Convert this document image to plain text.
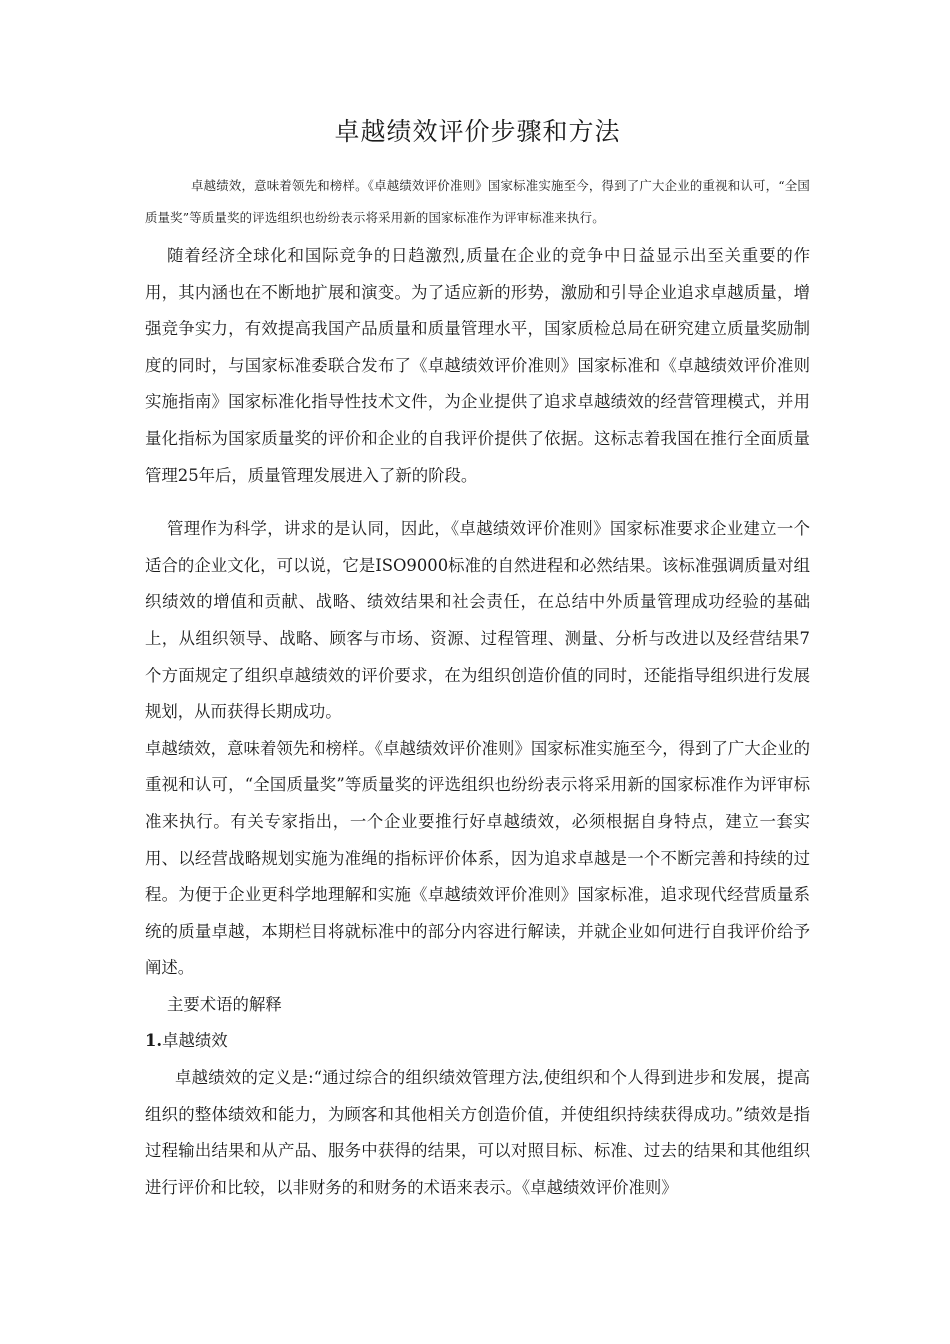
卓越绩效评价步骤和方法

卓越绩效，意味着领先和榜样。《卓越绩效评价准则》国家标准实施至今，得到了广大企业的重视和认可，“全国质量奖”等质量奖的评选组织也纷纷表示将采用新的国家标准作为评审标准来执行。

随着经济全球化和国际竞争的日趋激烈,质量在企业的竞争中日益显示出至关重要的作用，其内涵也在不断地扩展和演变。为了适应新的形势，激励和引导企业追求卓越质量，增强竞争实力，有效提高我国产品质量和质量管理水平，国家质检总局在研究建立质量奖励制度的同时，与国家标准委联合发布了《卓越绩效评价准则》国家标准和《卓越绩效评价准则实施指南》国家标准化指导性技术文件，为企业提供了追求卓越绩效的经营管理模式，并用量化指标为国家质量奖的评价和企业的自我评价提供了依据。这标志着我国在推行全面质量管理25年后，质量管理发展进入了新的阶段。

管理作为科学，讲求的是认同，因此，《卓越绩效评价准则》国家标准要求企业建立一个适合的企业文化，可以说，它是ISO9000标准的自然进程和必然结果。该标准强调质量对组织绩效的增值和贡献、战略、绩效结果和社会责任，在总结中外质量管理成功经验的基础上，从组织领导、战略、顾客与市场、资源、过程管理、测量、分析与改进以及经营结果7个方面规定了组织卓越绩效的评价要求，在为组织创造价值的同时，还能指导组织进行发展规划，从而获得长期成功。

卓越绩效，意味着领先和榜样。《卓越绩效评价准则》国家标准实施至今，得到了广大企业的重视和认可，“全国质量奖”等质量奖的评选组织也纷纷表示将采用新的国家标准作为评审标准来执行。有关专家指出，一个企业要推行好卓越绩效，必须根据自身特点，建立一套实用、以经营战略规划实施为准绳的指标评价体系，因为追求卓越是一个不断完善和持续的过程。为便于企业更科学地理解和实施《卓越绩效评价准则》国家标准，追求现代经营质量系统的质量卓越，本期栏目将就标准中的部分内容进行解读，并就企业如何进行自我评价给予阐述。

主要术语的解释

1.卓越绩效

卓越绩效的定义是:“通过综合的组织绩效管理方法,使组织和个人得到进步和发展，提高组织的整体绩效和能力，为顾客和其他相关方创造价值，并使组织持续获得成功。”绩效是指过程输出结果和从产品、服务中获得的结果，可以对照目标、标准、过去的结果和其他组织进行评价和比较，以非财务的和财务的术语来表示。《卓越绩效评价准则》
